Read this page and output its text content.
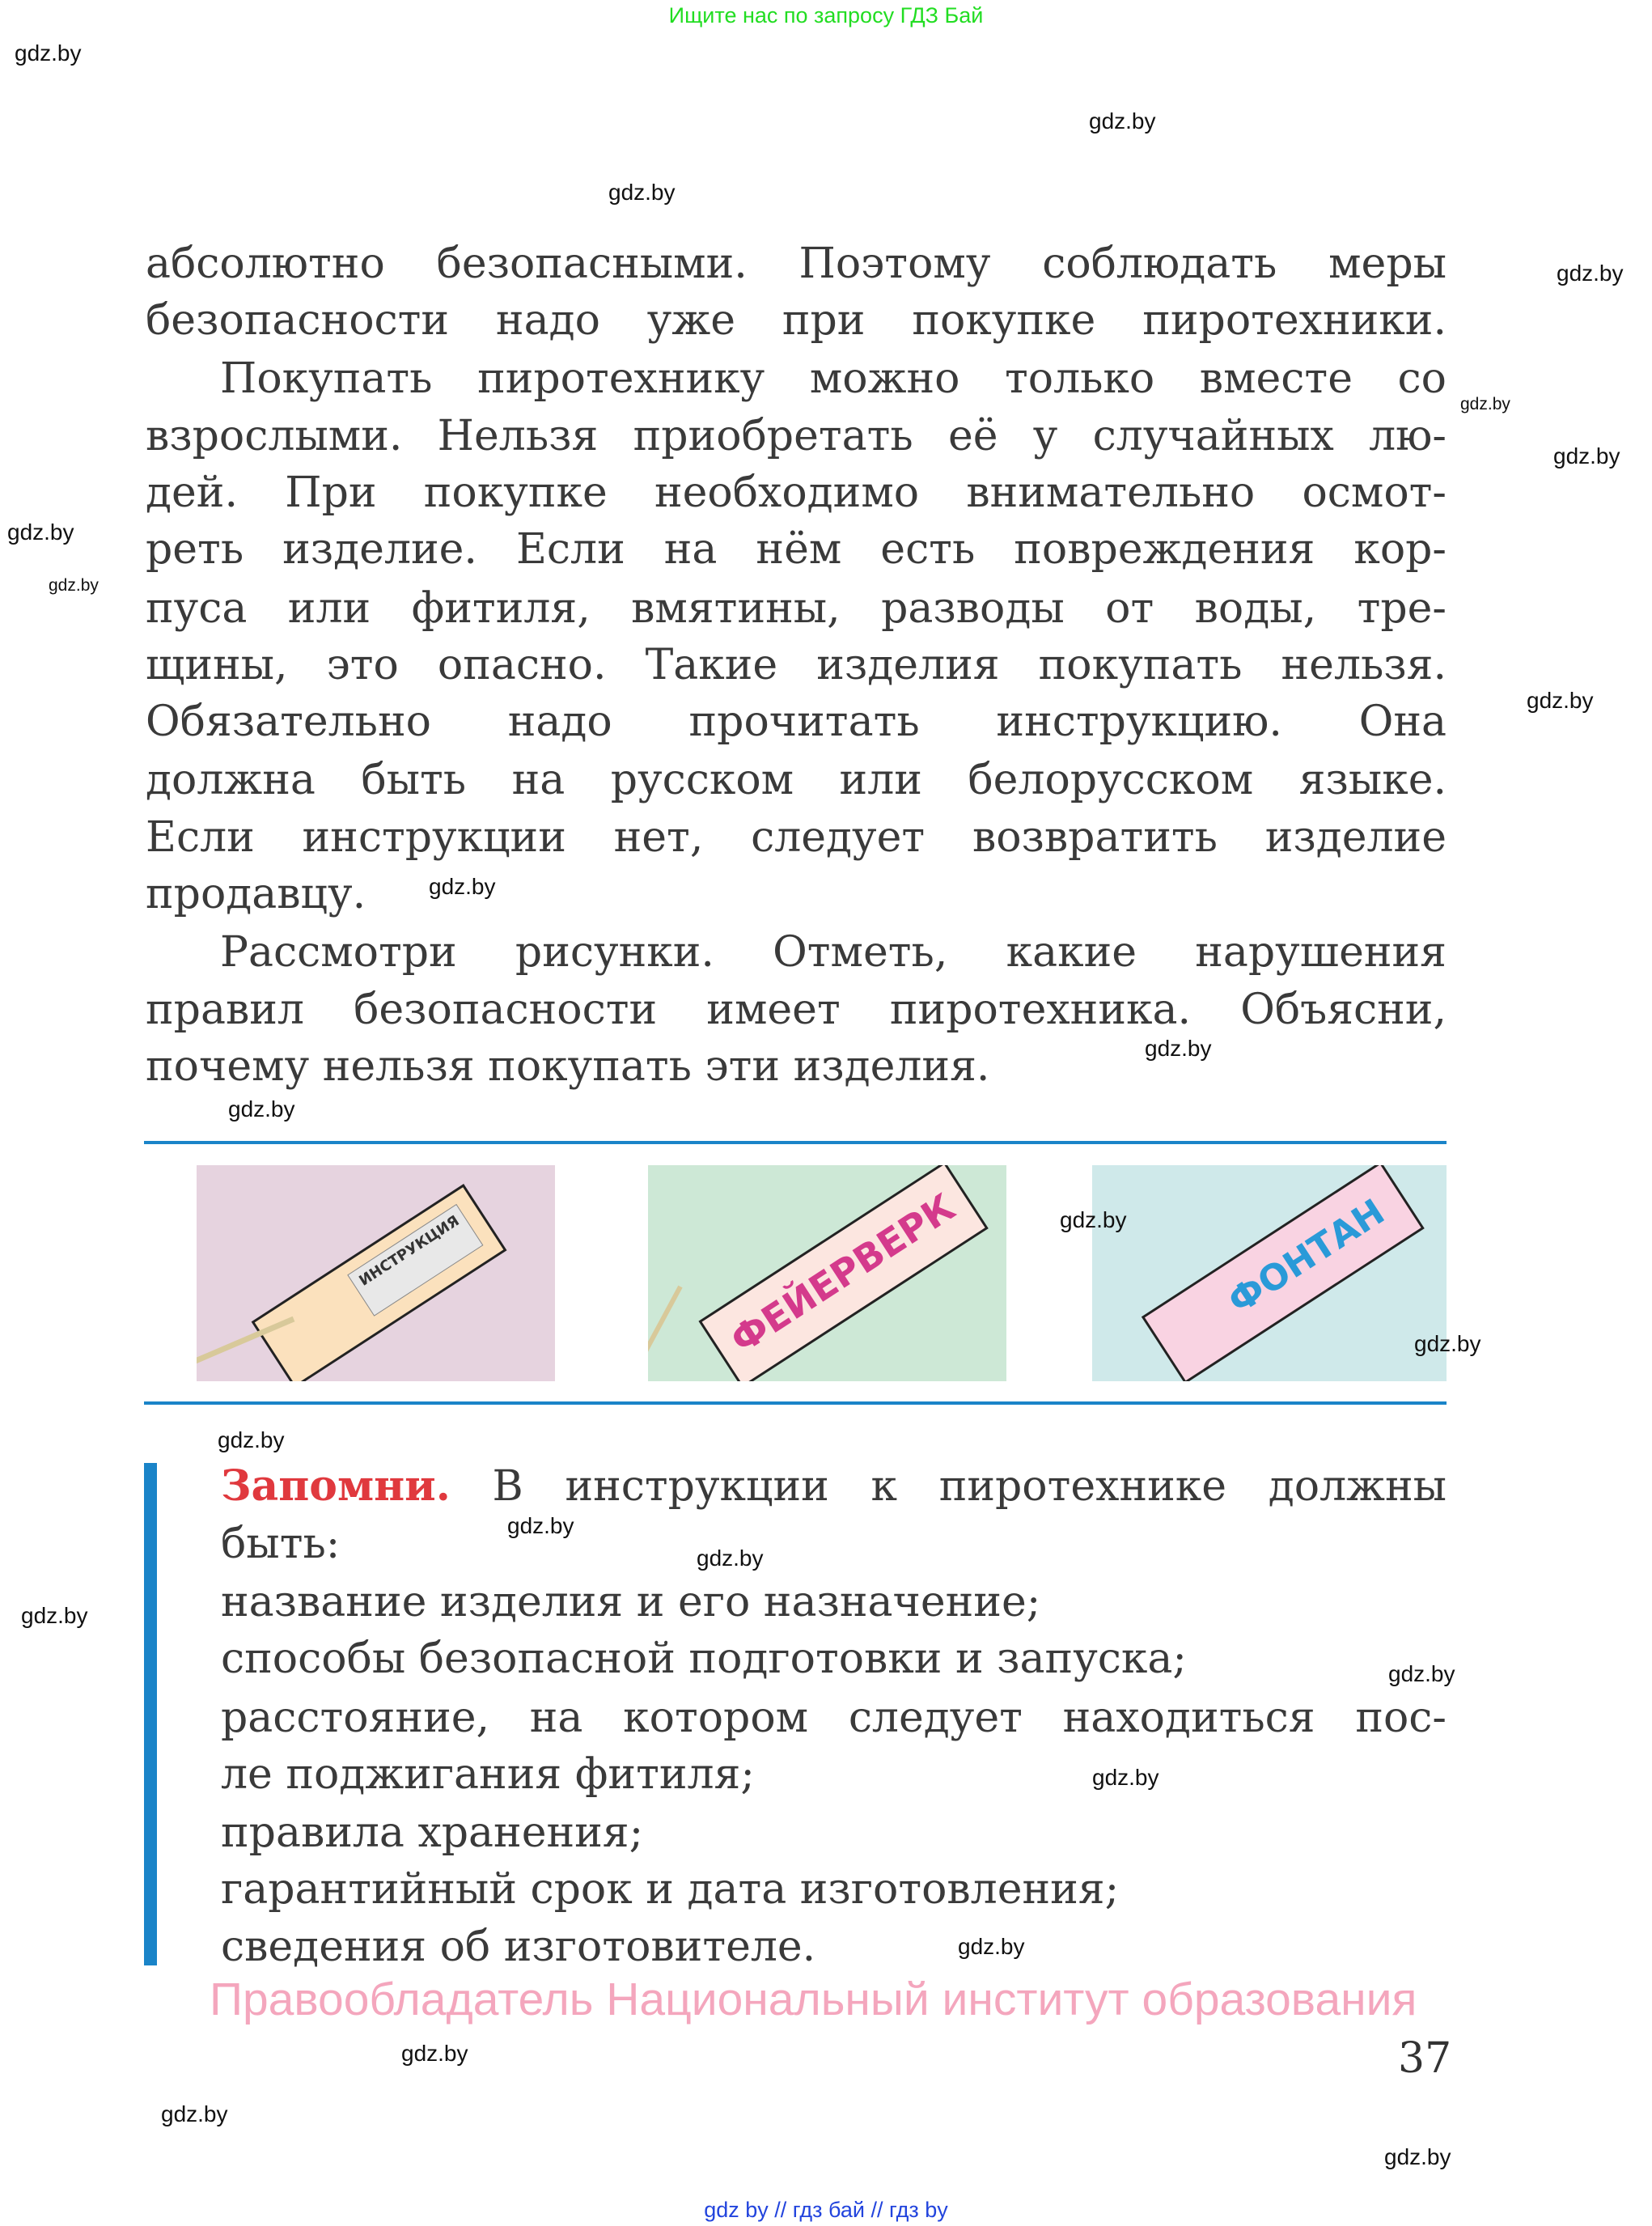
Ищите нас по запросу ГДЗ Бай
абсолютно безопасными. Поэтому соблюдать меры
безопасности надо уже при покупке пиротехники.
Покупать пиротехнику можно только вместе со
взрослыми. Нельзя приобретать её у случайных лю-
дей. При покупке необходимо внимательно осмот-
реть изделие. Если на нём есть повреждения кор-
пуса или фитиля, вмятины, разводы от воды, тре-
щины, это опасно. Такие изделия покупать нельзя.
Обязательно надо прочитать инструкцию. Она
должна быть на русском или белорусском языке.
Если инструкции нет, следует возвратить изделие
продавцу.
Рассмотри рисунки. Отметь, какие нарушения
правил безопасности имеет пиротехника. Объясни,
почему нельзя покупать эти изделия.
ИНСТРУКЦИЯ	ФЕЙЕРВЕРК	ФОНТАН
Запомни. В инструкции к пиротехнике должны
быть:
название изделия и его назначение;
способы безопасной подготовки и запуска;
расстояние, на котором следует находиться пос-
ле поджигания фитиля;
правила хранения;
гарантийный срок и дата изготовления;
сведения об изготовителе.
Правообладатель Национальный институт образования
37
gdz by // гдз бай // гдз by
gdz.by
gdz.by
gdz.by
gdz.by
gdz.by
gdz.by
gdz.by
gdz.by
gdz.by
gdz.by
gdz.by
gdz.by
gdz.by
gdz.by
gdz.by
gdz.by
gdz.by
gdz.by
gdz.by
gdz.by
gdz.by
gdz.by
gdz.by
gdz.by
